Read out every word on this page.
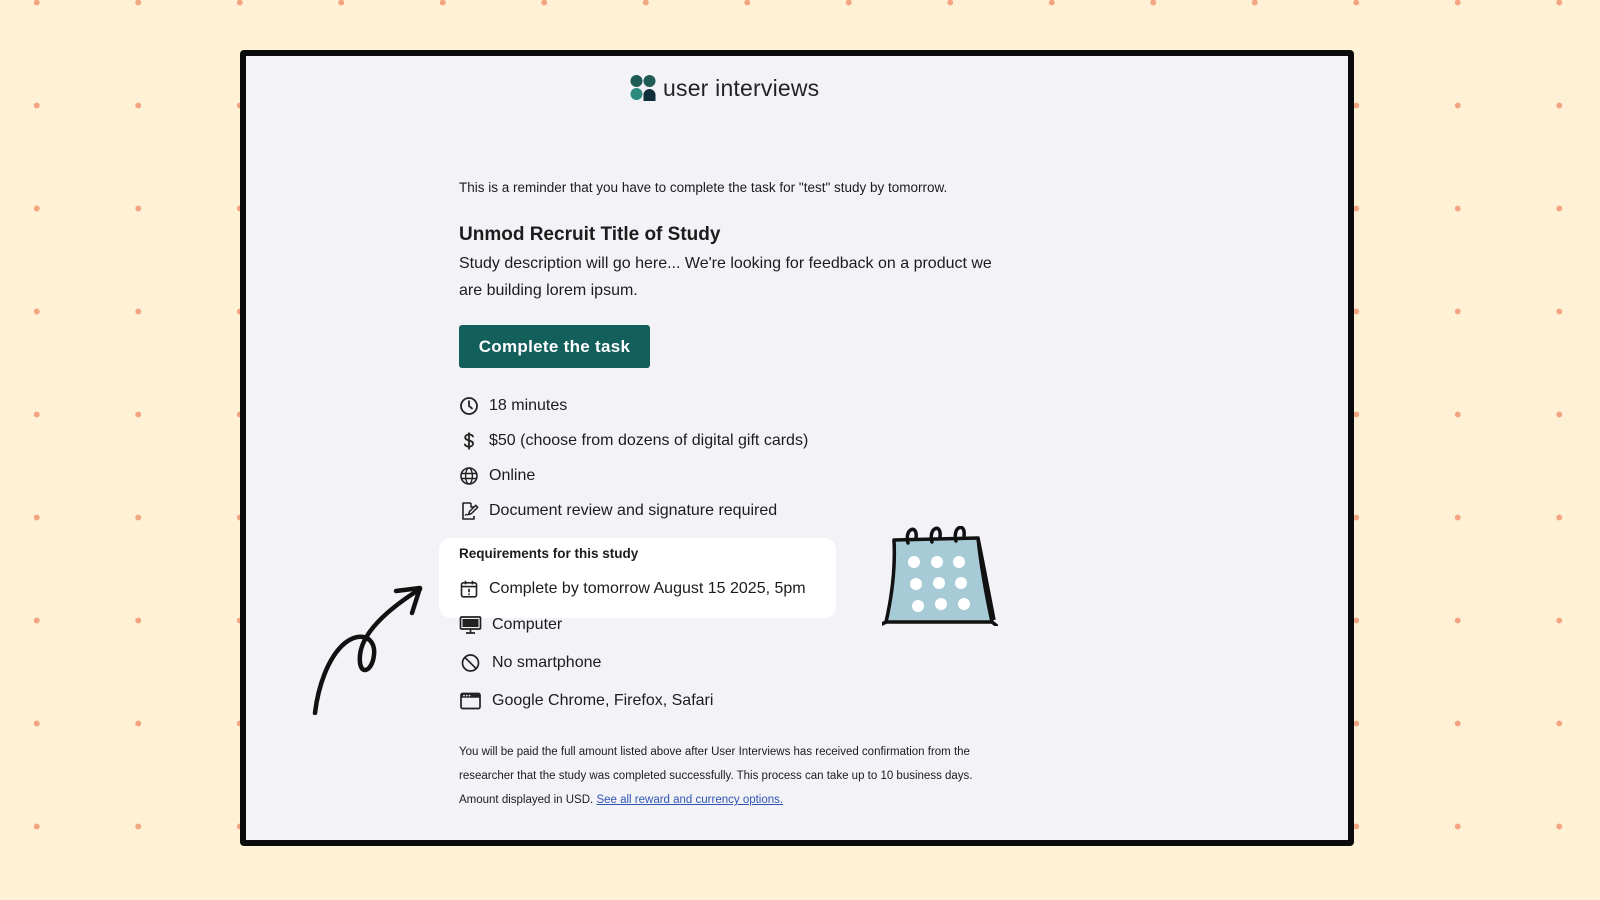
user interviews
This is a reminder that you have to complete the task for "test" study by tomorrow.
Unmod Recruit Title of Study
Study description will go here... We're looking for feedback on a product we are building lorem ipsum.
Complete the task
18 minutes
$50 (choose from dozens of digital gift cards)
Online
Document review and signature required
Requirements for this study
Complete by tomorrow August 15 2025, 5pm
Computer
No smartphone
Google Chrome, Firefox, Safari
You will be paid the full amount listed above after User Interviews has received confirmation from the researcher that the study was completed successfully. This process can take up to 10 business days. Amount displayed in USD. See all reward and currency options.
